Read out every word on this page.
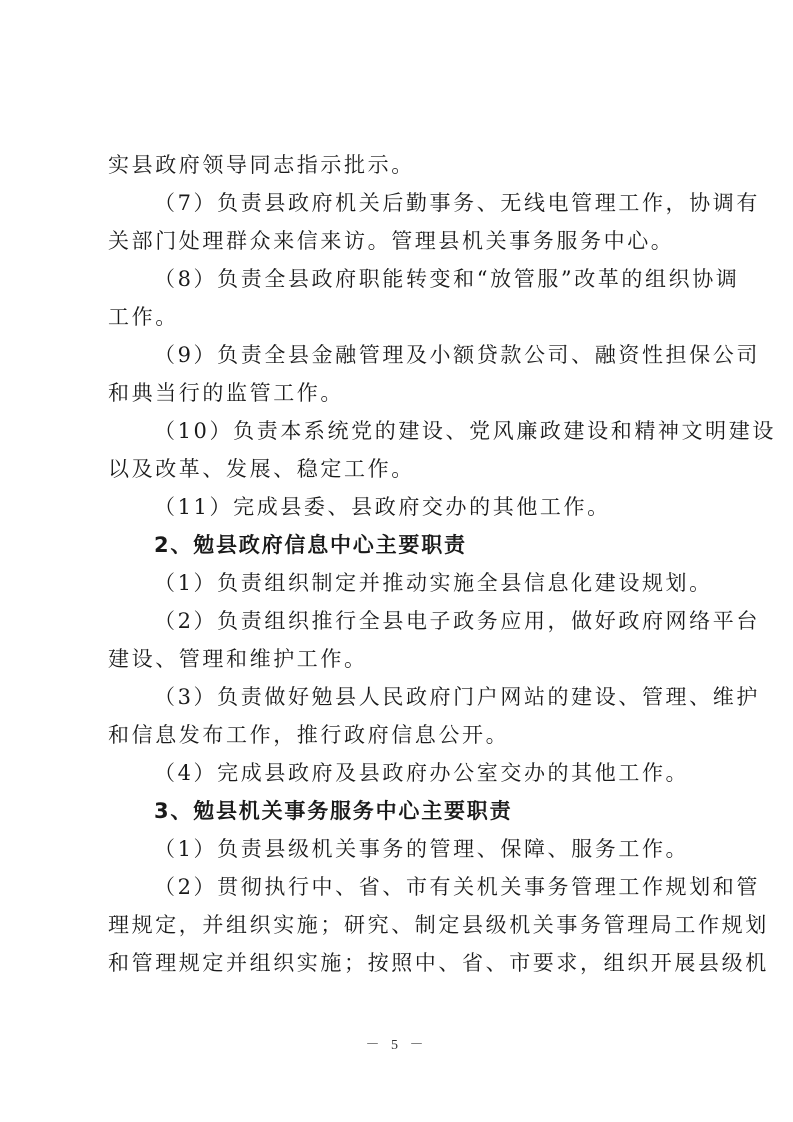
实县政府领导同志指示批示。

（7）负责县政府机关后勤事务、无线电管理工作，协调有
关部门处理群众来信来访。管理县机关事务服务中心。

（8）负责全县政府职能转变和“放管服”改革的组织协调
工作。

（9）负责全县金融管理及小额贷款公司、融资性担保公司
和典当行的监管工作。

（10）负责本系统党的建设、党风廉政建设和精神文明建设
以及改革、发展、稳定工作。

（11）完成县委、县政府交办的其他工作。

2、勉县政府信息中心主要职责

（1）负责组织制定并推动实施全县信息化建设规划。

（2）负责组织推行全县电子政务应用，做好政府网络平台
建设、管理和维护工作。

（3）负责做好勉县人民政府门户网站的建设、管理、维护
和信息发布工作，推行政府信息公开。

（4）完成县政府及县政府办公室交办的其他工作。

3、勉县机关事务服务中心主要职责

（1）负责县级机关事务的管理、保障、服务工作。

（2）贯彻执行中、省、市有关机关事务管理工作规划和管
理规定，并组织实施；研究、制定县级机关事务管理局工作规划
和管理规定并组织实施；按照中、省、市要求，组织开展县级机

－ 5 －
